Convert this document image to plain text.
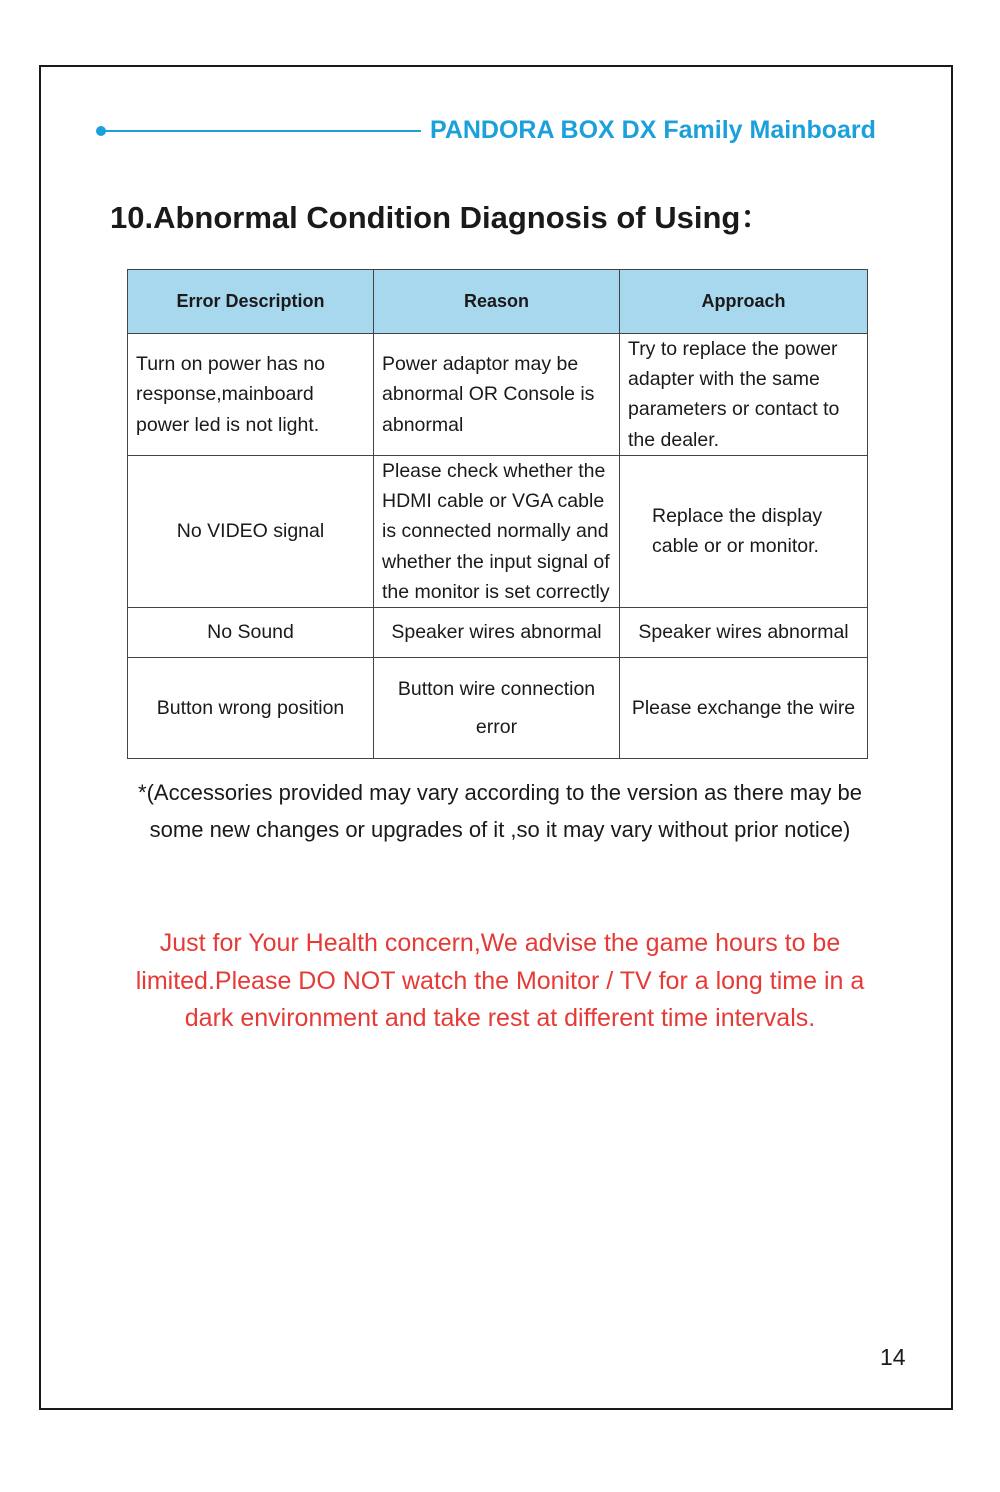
PANDORA BOX DX Family Mainboard
10.Abnormal Condition Diagnosis of Using：
Error Description	Reason	Approach
Turn on power has no response,mainboard power led is not light.	Power adaptor may be abnormal OR Console is abnormal	Try to replace the power adapter with the same parameters or contact to the dealer.
No VIDEO signal	Please check whether the HDMI cable or VGA cable is connected normally and whether the input signal of the monitor is set correctly	Replace the display cable or or monitor.
No Sound	Speaker wires abnormal	Speaker wires abnormal
Button wrong position	Button wire connection error	Please exchange the wire
*(Accessories provided may vary according to the version as there may be some new changes or upgrades of it ,so it may vary without prior notice)
Just for Your Health concern,We advise the game hours to be limited.Please DO NOT watch the Monitor / TV for a long time in a dark environment and take rest at different time intervals.
14
